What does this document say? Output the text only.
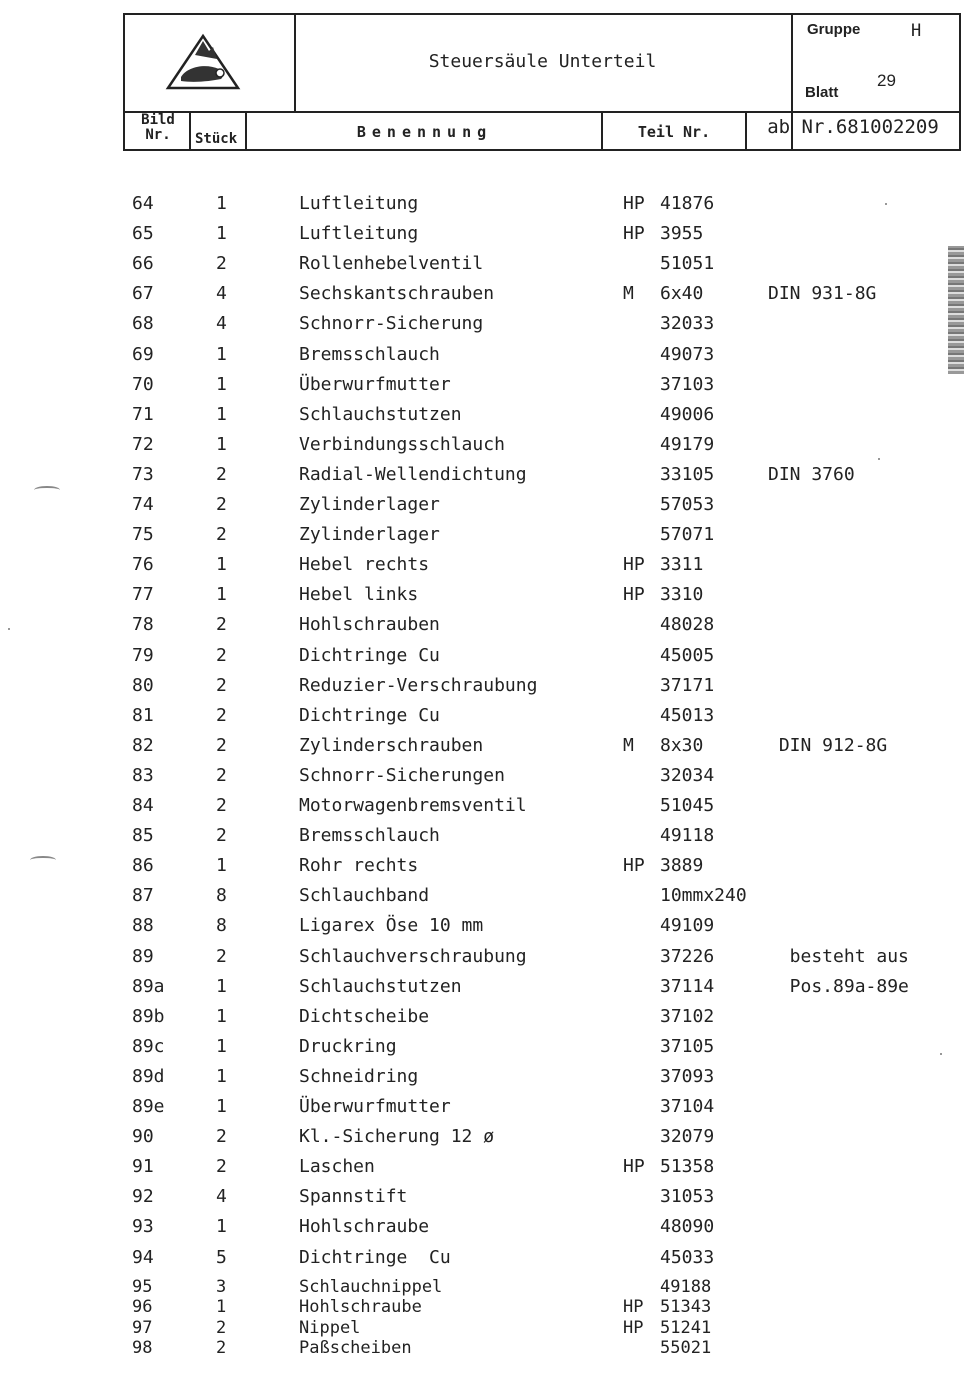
Steuersäule Unterteil
Gruppe	H
Blatt
29
Bild
Nr.	Stück	Benennung	Teil Nr.	ab Nr.681002209
64	1	Luftleitung	HP 41876
65	1	Luftleitung	HP 3955
66	2	Rollenhebelventil	51051
67	4	Sechskantschrauben	M 6x40	DIN 931-8G
68	4	Schnorr-Sicherung	32033
69	1	Bremsschlauch	49073
70	1	Überwurfmutter	37103
71	1	Schlauchstutzen	49006
72	1	Verbindungsschlauch	49179
73	2	Radial-Wellendichtung	33105	DIN 3760
74	2	Zylinderlager	57053
75	2	Zylinderlager	57071
76	1	Hebel rechts	HP 3311
77	1	Hebel links	HP 3310
78	2	Hohlschrauben	48028
79	2	Dichtringe Cu	45005
80	2	Reduzier-Verschraubung	37171
81	2	Dichtringe Cu	45013
82	2	Zylinderschrauben	M 8x30	DIN 912-8G
83	2	Schnorr-Sicherungen	32034
84	2	Motorwagenbremsventil	51045
85	2	Bremsschlauch	49118
86	1	Rohr rechts	HP 3889
87	8	Schlauchband	10mmx240
88	8	Ligarex Öse 10 mm	49109
89	2	Schlauchverschraubung	37226	besteht aus
89a	1	Schlauchstutzen	37114	Pos.89a-89e
89b	1	Dichtscheibe	37102
89c	1	Druckring	37105
89d	1	Schneidring	37093
89e	1	Überwurfmutter	37104
90	2	Kl.-Sicherung 12 ø	32079
91	2	Laschen	HP 51358
92	4	Spannstift	31053
93	1	Hohlschraube	48090
94	5	Dichtringe  Cu	45033
95	3	Schlauchnippel	49188
96	1	Hohlschraube	HP 51343
97	2	Nippel	HP 51241
98	2	Paßscheiben	55021
